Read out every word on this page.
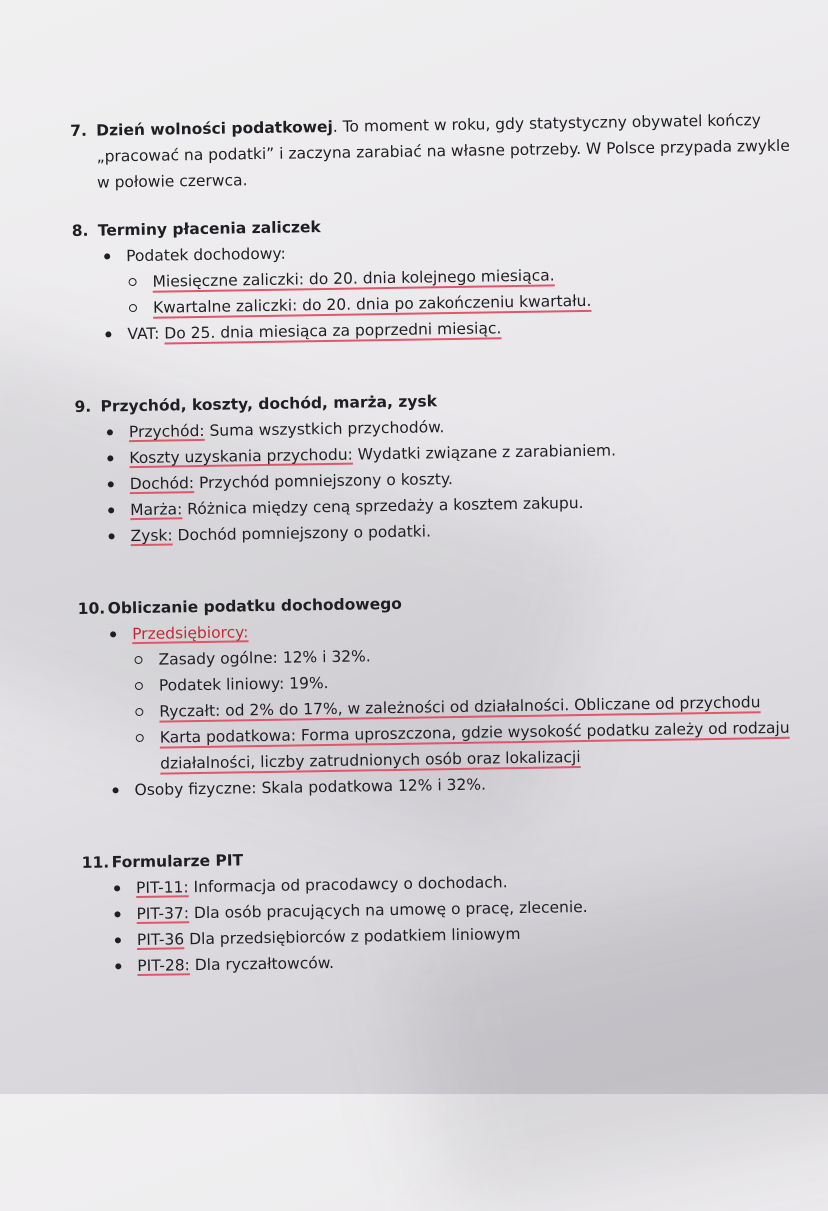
7. Dzień wolności podatkowej. To moment w roku, gdy statystyczny obywatel kończy „pracować na podatki” i zaczyna zarabiać na własne potrzeby. W Polsce przypada zwykle w połowie czerwca.
8. Terminy płacenia zaliczek
Podatek dochodowy:
Miesięczne zaliczki: do 20. dnia kolejnego miesiąca.
Kwartalne zaliczki: do 20. dnia po zakończeniu kwartału.
VAT: Do 25. dnia miesiąca za poprzedni miesiąc.
9. Przychód, koszty, dochód, marża, zysk
Przychód: Suma wszystkich przychodów.
Koszty uzyskania przychodu: Wydatki związane z zarabianiem.
Dochód: Przychód pomniejszony o koszty.
Marża: Różnica między ceną sprzedaży a kosztem zakupu.
Zysk: Dochód pomniejszony o podatki.
10. Obliczanie podatku dochodowego
Przedsiębiorcy:
Zasady ogólne: 12% i 32%.
Podatek liniowy: 19%.
Ryczałt: od 2% do 17%, w zależności od działalności. Obliczane od przychodu
Karta podatkowa: Forma uproszczona, gdzie wysokość podatku zależy od rodzaju działalności, liczby zatrudnionych osób oraz lokalizacji
Osoby fizyczne: Skala podatkowa 12% i 32%.
11. Formularze PIT
PIT-11: Informacja od pracodawcy o dochodach.
PIT-37: Dla osób pracujących na umowę o pracę, zlecenie.
PIT-36 Dla przedsiębiorców z podatkiem liniowym
PIT-28: Dla ryczałtowców.
